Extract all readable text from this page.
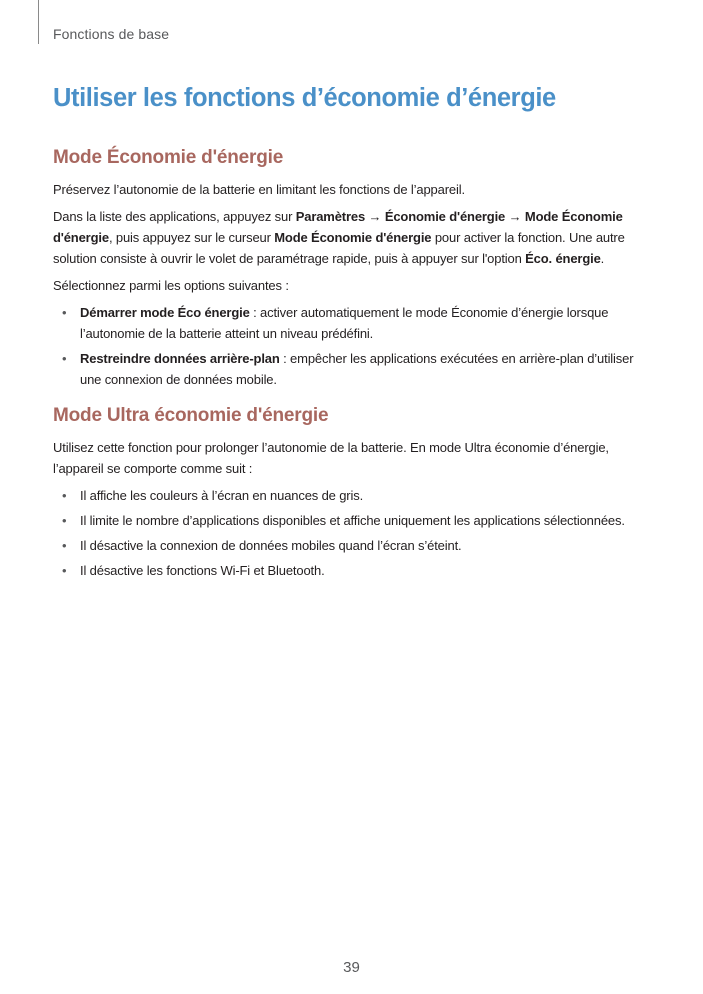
Fonctions de base
Utiliser les fonctions d’économie d’énergie
Mode Économie d'énergie

Préservez l’autonomie de la batterie en limitant les fonctions de l’appareil.

Dans la liste des applications, appuyez sur Paramètres → Économie d'énergie → Mode Économie d'énergie, puis appuyez sur le curseur Mode Économie d'énergie pour activer la fonction. Une autre solution consiste à ouvrir le volet de paramétrage rapide, puis à appuyer sur l'option Éco. énergie.

Sélectionnez parmi les options suivantes :

• Démarrer mode Éco énergie : activer automatiquement le mode Économie d’énergie lorsque l’autonomie de la batterie atteint un niveau prédéfini.
• Restreindre données arrière-plan : empêcher les applications exécutées en arrière-plan d’utiliser une connexion de données mobile.
Mode Ultra économie d'énergie

Utilisez cette fonction pour prolonger l’autonomie de la batterie. En mode Ultra économie d’énergie, l’appareil se comporte comme suit :

• Il affiche les couleurs à l’écran en nuances de gris.
• Il limite le nombre d’applications disponibles et affiche uniquement les applications sélectionnées.
• Il désactive la connexion de données mobiles quand l’écran s’éteint.
• Il désactive les fonctions Wi-Fi et Bluetooth.
39
